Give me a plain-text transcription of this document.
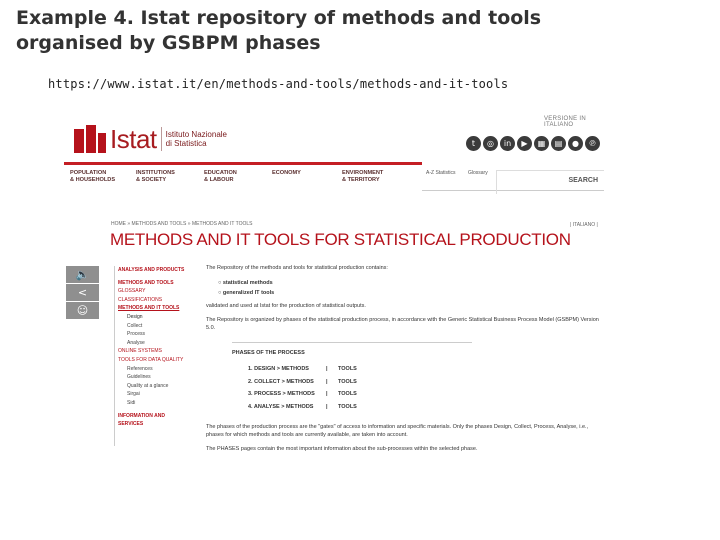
Example 4. Istat repository of methods and tools
organised by GSBPM phases
https://www.istat.it/en/methods-and-tools/methods-and-it-tools
VERSIONE IN ITALIANO
Istat Istituto Nazionale
di Statistica	t	◎	in	▶	▦	▤	●	℗
POPULATION
& HOUSEHOLDS
INSTITUTIONS
& SOCIETY
EDUCATION
& LABOUR
ECONOMY	ENVIRONMENT
& TERRITORY
A-Z Statistics	Glossary
SEARCH
HOME » METHODS AND TOOLS » METHODS AND IT TOOLS	| ITALIANO |
METHODS AND IT TOOLS FOR STATISTICAL PRODUCTION
🔈
<
☺
ANALYSIS AND PRODUCTS
METHODS AND TOOLS
GLOSSARY
CLASSIFICATIONS
METHODS AND IT TOOLS
Design
Collect
Process
Analyse
ONLINE SYSTEMS
TOOLS FOR DATA QUALITY
References
Guidelines
Quality at a glance
Sirgai
Sidi
INFORMATION AND
SERVICES

The Repository of the methods and tools for statistical production contains:

○ statistical methods
○ generalized IT tools

validated and used at Istat for the production of statistical outputs.

The Repository is organized by phases of the statistical production process, in accordance with the Generic Statistical Business Process Model (GSBPM) Version 5.0.

PHASES OF THE PROCESS
1. DESIGN > METHODS	|	TOOLS
2. COLLECT > METHODS	|	TOOLS
3. PROCESS > METHODS	|	TOOLS
4. ANALYSE > METHODS	|	TOOLS

The phases of the production process are the "gates" of access to information and specific materials. Only the phases Design, Collect, Process, Analyse, i.e., phases for which methods and tools are currently available, are taken into account.

The PHASES pages contain the most important information about the sub-processes within the selected phase.
